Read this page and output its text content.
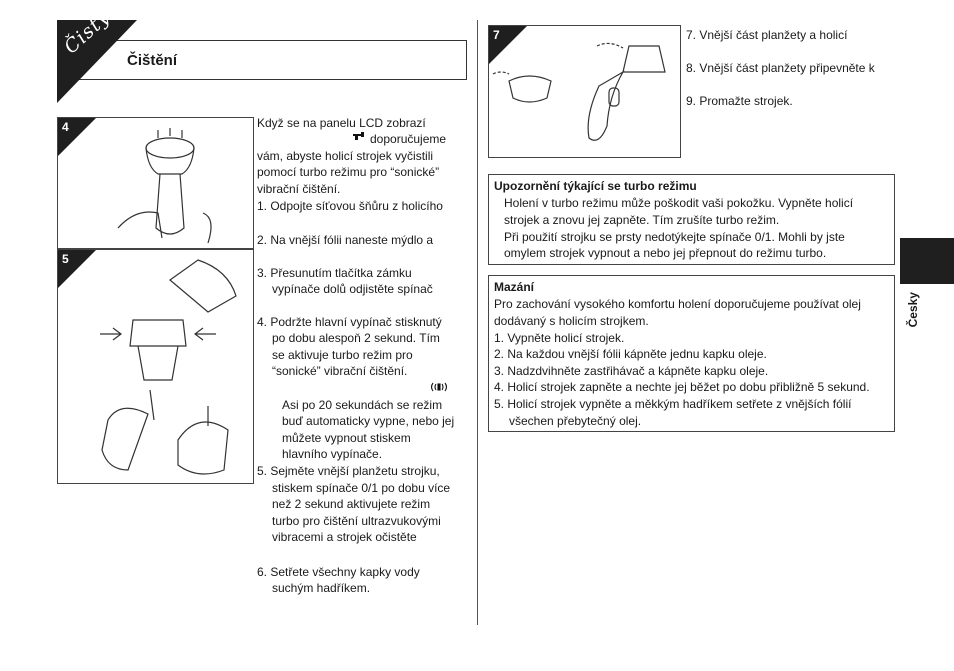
Čistý
Čištění
4
5
Když se na panelu LCD zobrazí
doporučujeme
vám, abyste holicí strojek vyčistili
pomocí turbo režimu pro “sonické”
vibrační čištění.
1. Odpojte síťovou šňůru z holicího
2. Na vnější fólii naneste mýdlo a
3. Přesunutím tlačítka zámku
vypínače dolů odjistěte spínač
4. Podržte hlavní vypínač stisknutý
po dobu alespoň 2 sekund. Tím
se aktivuje turbo režim pro
“sonické” vibrační čištění.
Asi po 20 sekundách se režim
buď automaticky vypne, nebo jej
můžete vypnout stiskem
hlavního vypínače.
5. Sejměte vnější planžetu strojku,
stiskem spínače 0/1 po dobu více
než 2 sekund aktivujete režim
turbo pro čištění ultrazvukovými
vibracemi a strojek očistěte
6. Setřete všechny kapky vody
suchým hadříkem.
7	7. Vnější část planžety a holicí
8. Vnější část planžety připevněte k
9. Promažte strojek.
Upozornění týkající se turbo režimu
Holení v turbo režimu může poškodit vaši pokožku. Vypněte holicí
strojek a znovu jej zapněte. Tím zrušíte turbo režim.
Při použití strojku se prsty nedotýkejte spínače 0/1. Mohli by jste
omylem strojek vypnout a nebo jej přepnout do režimu turbo.
Mazání
Pro zachování vysokého komfortu holení doporučujeme používat olej
dodávaný s holicím strojkem.
1. Vypněte holicí strojek.
2. Na každou vnější fólii kápněte jednu kapku oleje.
3. Nadzdvihněte zastřihávač a kápněte kapku oleje.
4. Holicí strojek zapněte a nechte jej běžet po dobu přibližně 5 sekund.
5. Holicí strojek vypněte a měkkým hadříkem setřete z vnějších fólií
všechen přebytečný olej.
Česky
